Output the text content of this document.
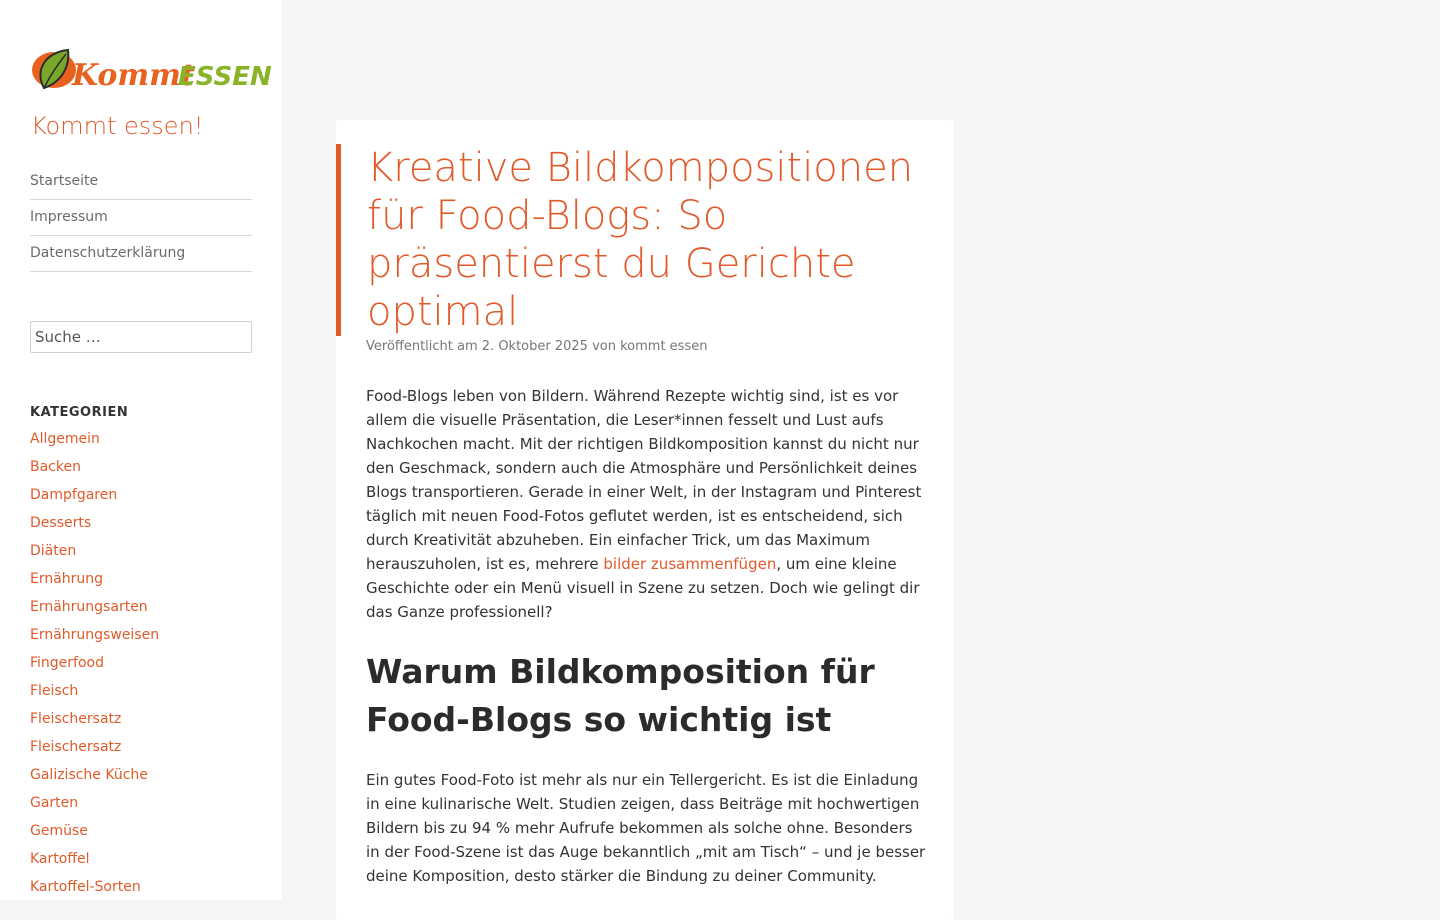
Kommt
ESSEN
Kommt essen!
Startseite
Impressum
Datenschutzerklärung
Suche …
KATEGORIEN
Allgemein
Backen
Dampfgaren
Desserts
Diäten
Ernährung
Ernährungsarten
Ernährungsweisen
Fingerfood
Fleisch
Fleischersatz
Fleischersatz
Galizische Küche
Garten
Gemüse
Kartoffel
Kartoffel-Sorten
Kreative Bildkompositionen für Food-Blogs: So präsentierst du Gerichte optimal
Veröffentlicht am 2. Oktober 2025 von kommt essen

Food-Blogs leben von Bildern. Während Rezepte wichtig sind, ist es vor allem die visuelle Präsentation, die Leser*innen fesselt und Lust aufs Nachkochen macht. Mit der richtigen Bildkomposition kannst du nicht nur den Geschmack, sondern auch die Atmosphäre und Persönlichkeit deines Blogs transportieren. Gerade in einer Welt, in der Instagram und Pinterest täglich mit neuen Food-Fotos geflutet werden, ist es entscheidend, sich durch Kreativität abzuheben. Ein einfacher Trick, um das Maximum herauszuholen, ist es, mehrere bilder zusammenfügen, um eine kleine Geschichte oder ein Menü visuell in Szene zu setzen. Doch wie gelingt dir das Ganze professionell?

Warum Bildkomposition für Food-Blogs so wichtig ist

Ein gutes Food-Foto ist mehr als nur ein Tellergericht. Es ist die Einladung in eine kulinarische Welt. Studien zeigen, dass Beiträge mit hochwertigen Bildern bis zu 94 % mehr Aufrufe bekommen als solche ohne. Besonders in der Food-Szene ist das Auge bekanntlich „mit am Tisch“ – und je besser deine Komposition, desto stärker die Bindung zu deiner Community.
